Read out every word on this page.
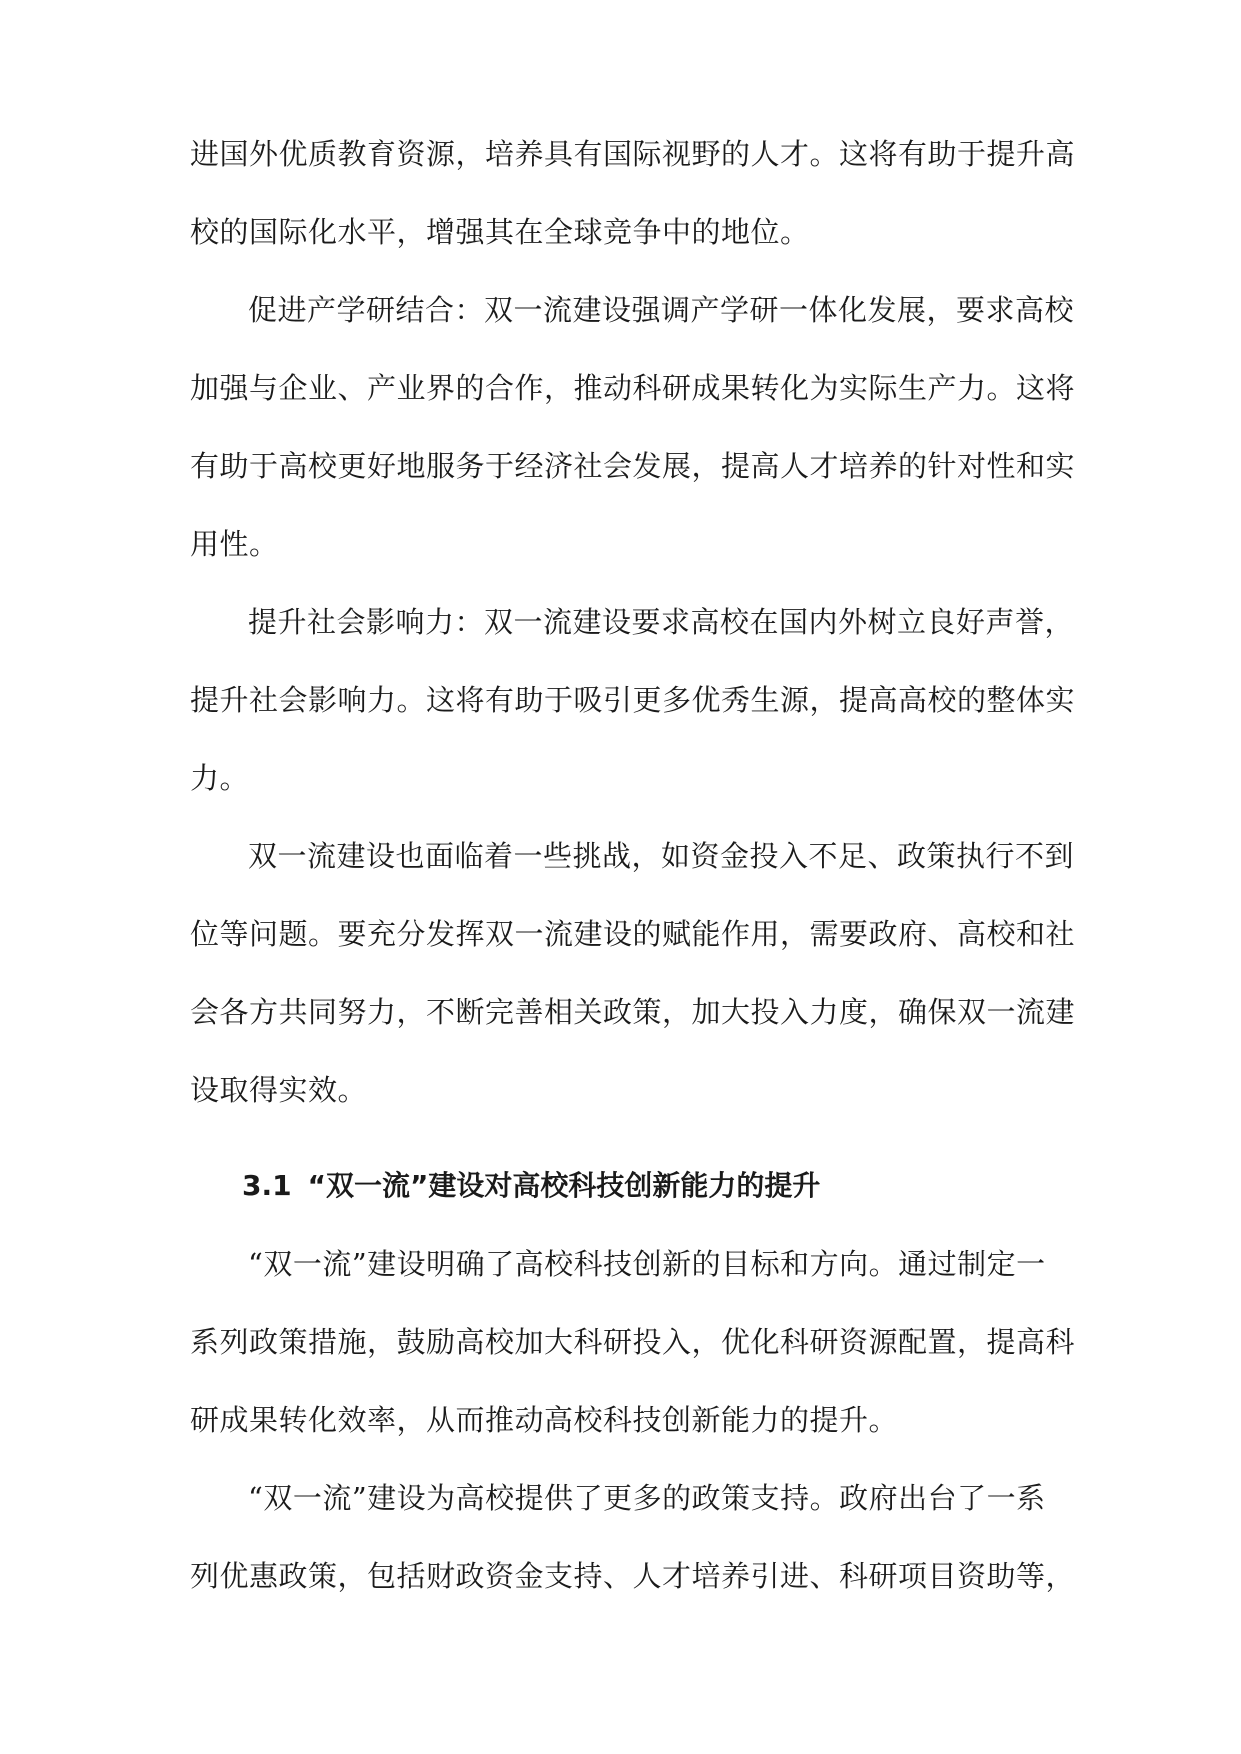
进国外优质教育资源，培养具有国际视野的人才。这将有助于提升高

校的国际化水平，增强其在全球竞争中的地位。

促进产学研结合：双一流建设强调产学研一体化发展，要求高校

加强与企业、产业界的合作，推动科研成果转化为实际生产力。这将

有助于高校更好地服务于经济社会发展，提高人才培养的针对性和实

用性。

提升社会影响力：双一流建设要求高校在国内外树立良好声誉，

提升社会影响力。这将有助于吸引更多优秀生源，提高高校的整体实

力。

双一流建设也面临着一些挑战，如资金投入不足、政策执行不到

位等问题。要充分发挥双一流建设的赋能作用，需要政府、高校和社

会各方共同努力，不断完善相关政策，加大投入力度，确保双一流建

设取得实效。

3.1 “双一流”建设对高校科技创新能力的提升

“双一流”建设明确了高校科技创新的目标和方向。通过制定一

系列政策措施，鼓励高校加大科研投入，优化科研资源配置，提高科

研成果转化效率，从而推动高校科技创新能力的提升。

“双一流”建设为高校提供了更多的政策支持。政府出台了一系

列优惠政策，包括财政资金支持、人才培养引进、科研项目资助等，
